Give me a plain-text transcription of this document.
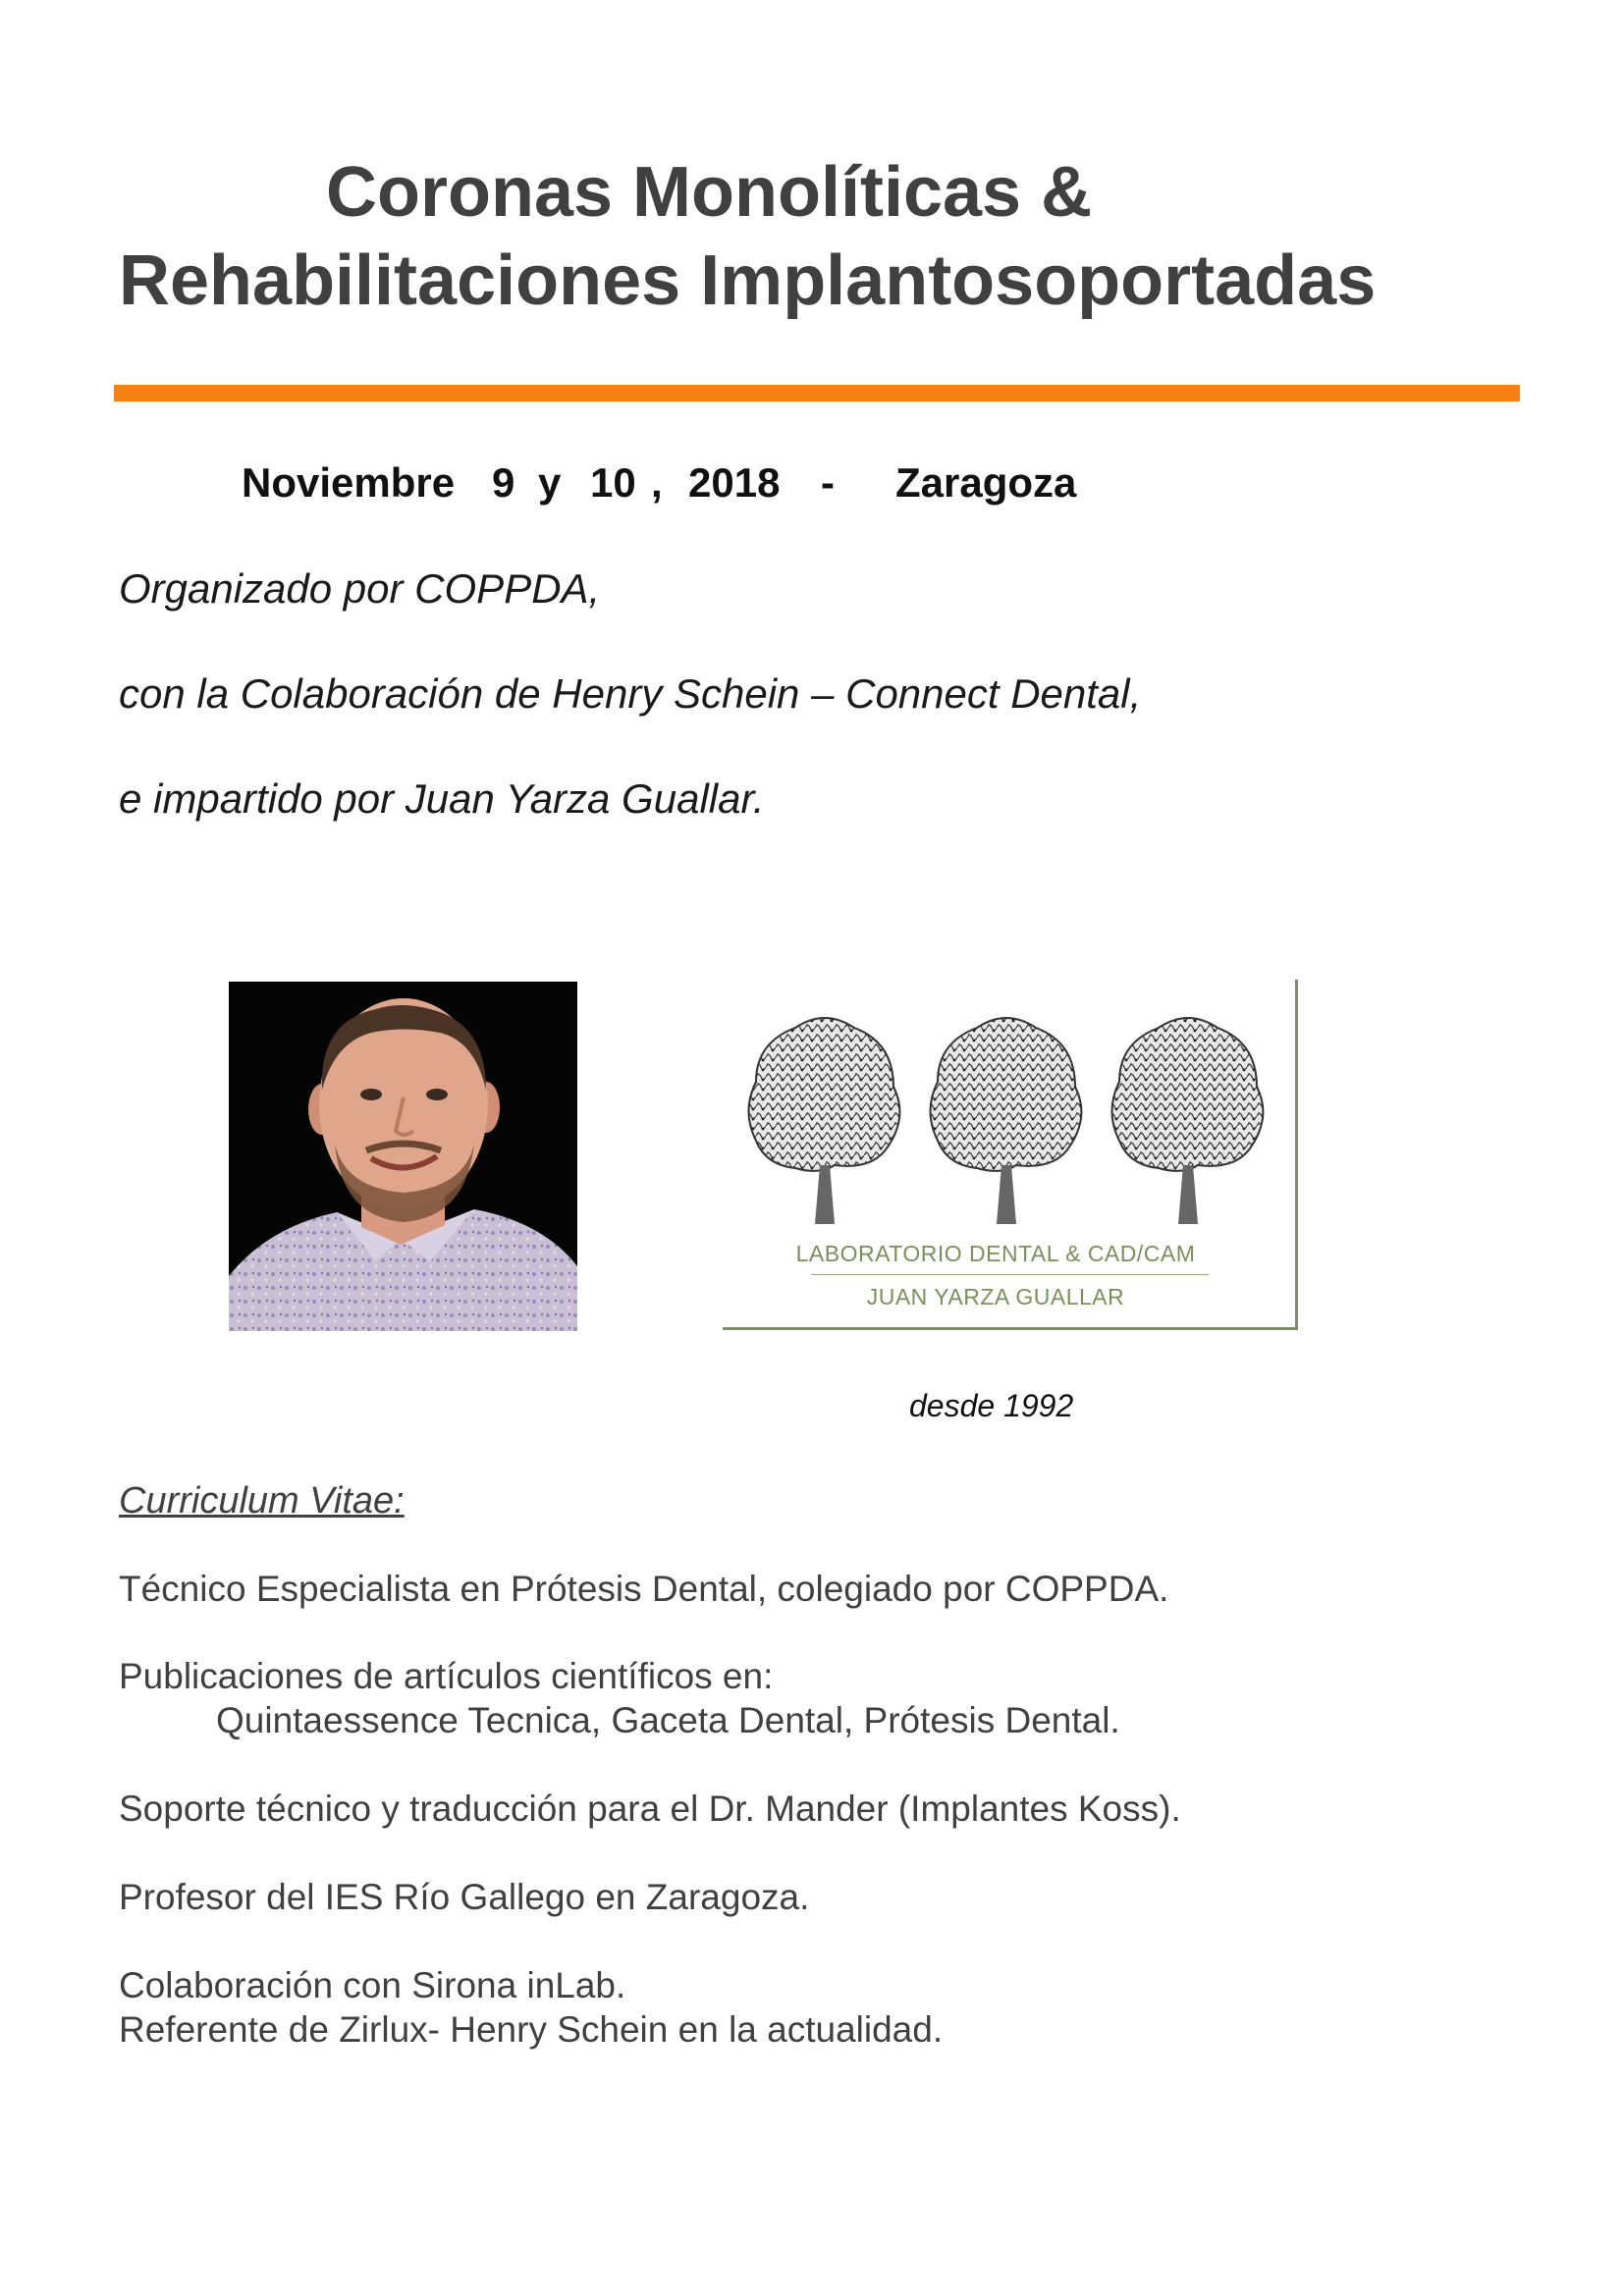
Coronas Monolíticas &
Rehabilitaciones Implantosoportadas
Noviembre 9 y 10 , 2018 - Zaragoza
Organizado por COPPDA,
con la Colaboración de Henry Schein – Connect Dental,
e impartido por Juan Yarza Guallar.
LABORATORIO DENTAL & CAD/CAM
JUAN YARZA GUALLAR
desde 1992
Curriculum Vitae:
Técnico Especialista en Prótesis Dental, colegiado por COPPDA.
Publicaciones de artículos científicos en:
Quintaessence Tecnica, Gaceta Dental, Prótesis Dental.
Soporte técnico y traducción para el Dr. Mander (Implantes Koss).
Profesor del IES Río Gallego en Zaragoza.
Colaboración con Sirona inLab.
Referente de Zirlux- Henry Schein en la actualidad.
